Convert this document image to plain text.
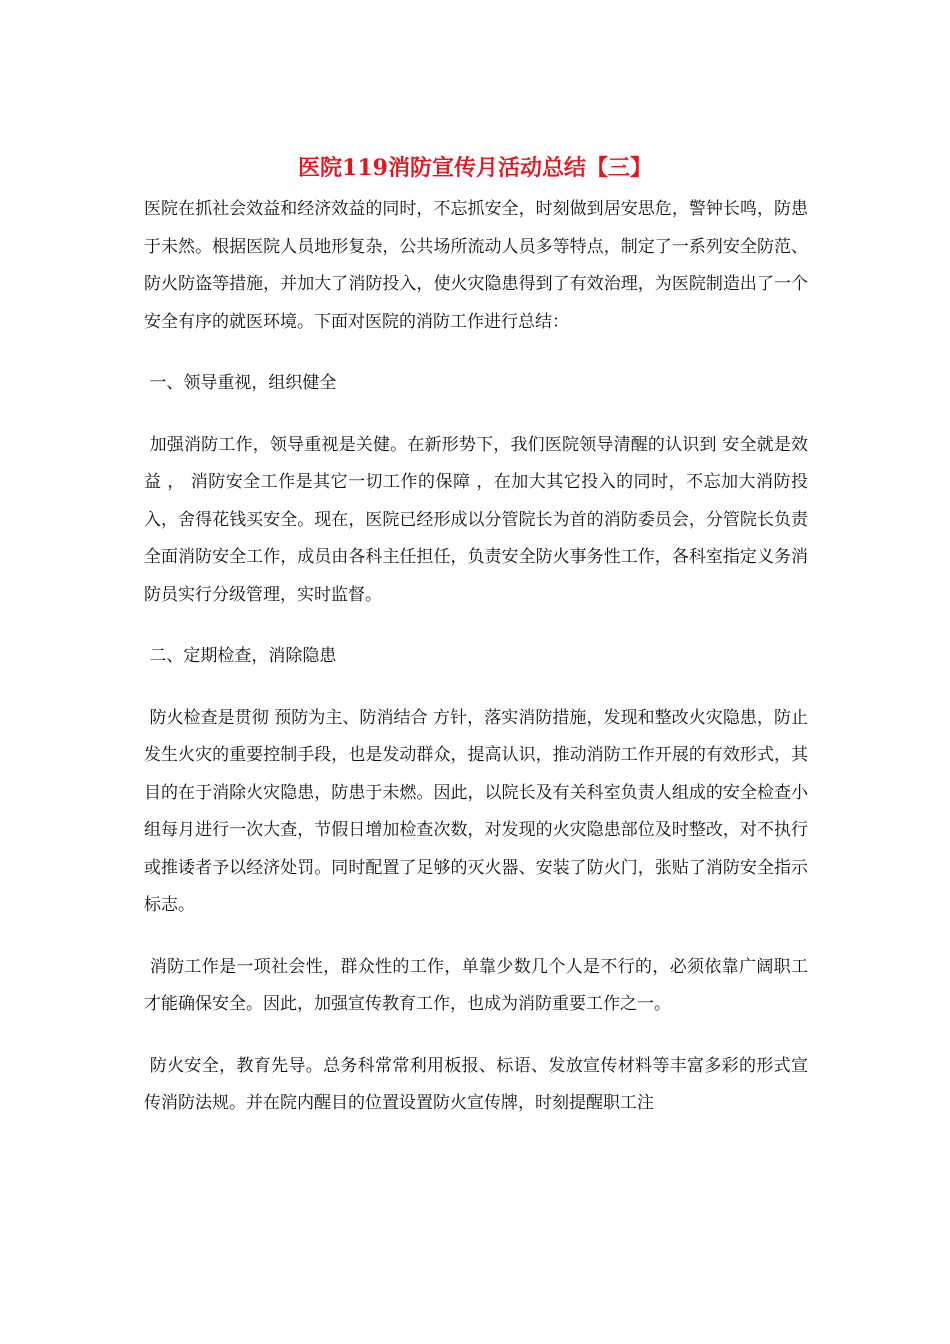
医院119消防宣传月活动总结【三】

医院在抓社会效益和经济效益的同时，不忘抓安全，时刻做到居安思危，警钟长鸣，防患于未然。根据医院人员地形复杂，公共场所流动人员多等特点，制定了一系列安全防范、防火防盗等措施，并加大了消防投入，使火灾隐患得到了有效治理，为医院制造出了一个安全有序的就医环境。下面对医院的消防工作进行总结：

一、领导重视，组织健全

加强消防工作，领导重视是关健。在新形势下，我们医院领导清醒的认识到 安全就是效益 ， 消防安全工作是其它一切工作的保障 ，在加大其它投入的同时，不忘加大消防投入，舍得花钱买安全。现在，医院已经形成以分管院长为首的消防委员会，分管院长负责全面消防安全工作，成员由各科主任担任，负责安全防火事务性工作，各科室指定义务消防员实行分级管理，实时监督。

二、定期检查，消除隐患

防火检查是贯彻 预防为主、防消结合 方针，落实消防措施，发现和整改火灾隐患，防止发生火灾的重要控制手段，也是发动群众，提高认识，推动消防工作开展的有效形式，其目的在于消除火灾隐患，防患于未燃。因此，以院长及有关科室负责人组成的安全检查小组每月进行一次大查，节假日增加检查次数，对发现的火灾隐患部位及时整改，对不执行或推诿者予以经济处罚。同时配置了足够的灭火器、安装了防火门，张贴了消防安全指示标志。

消防工作是一项社会性，群众性的工作，单靠少数几个人是不行的，必须依靠广阔职工才能确保安全。因此，加强宣传教育工作，也成为消防重要工作之一。

防火安全，教育先导。总务科常常利用板报、标语、发放宣传材料等丰富多彩的形式宣传消防法规。并在院内醒目的位置设置防火宣传牌，时刻提醒职工注
